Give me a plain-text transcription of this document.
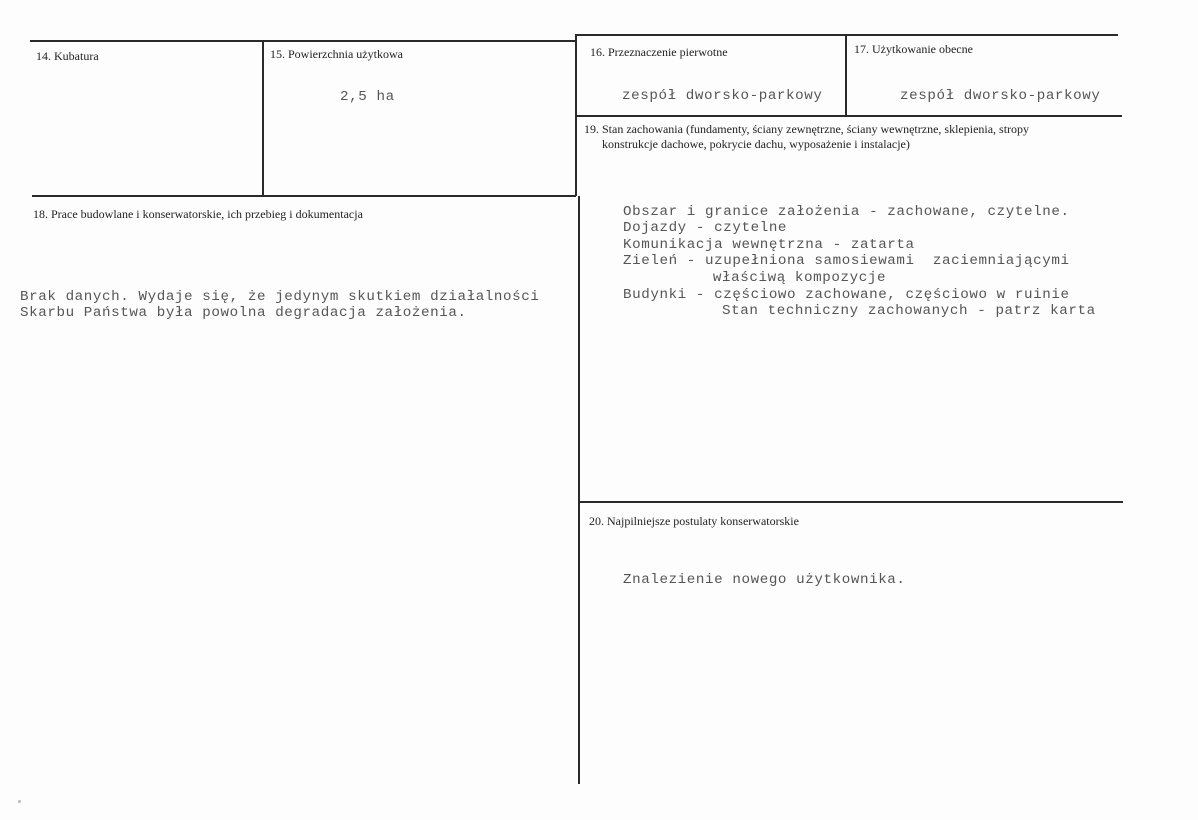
14. Kubatura	15. Powierzchnia użytkowa
2,5 ha
16. Przeznaczenie pierwotne
zespół dworsko-parkowy
17. Użytkowanie obecne
zespół dworsko-parkowy
19. Stan zachowania (fundamenty, ściany zewnętrzne, ściany wewnętrzne, sklepienia, stropy
konstrukcje dachowe, pokrycie dachu, wyposażenie i instalacje)
Obszar i granice założenia - zachowane, czytelne.
Dojazdy - czytelne
Komunikacja wewnętrzna - zatarta
Zieleń - uzupełniona samosiewami  zaciemniającymi
właściwą kompozycje
Budynki - częściowo zachowane, częściowo w ruinie
Stan techniczny zachowanych - patrz karta
18. Prace budowlane i konserwatorskie, ich przebieg i dokumentacja
Brak danych. Wydaje się, że jedynym skutkiem działalności
Skarbu Państwa była powolna degradacja założenia.
20. Najpilniejsze postulaty konserwatorskie
Znalezienie nowego użytkownika.
